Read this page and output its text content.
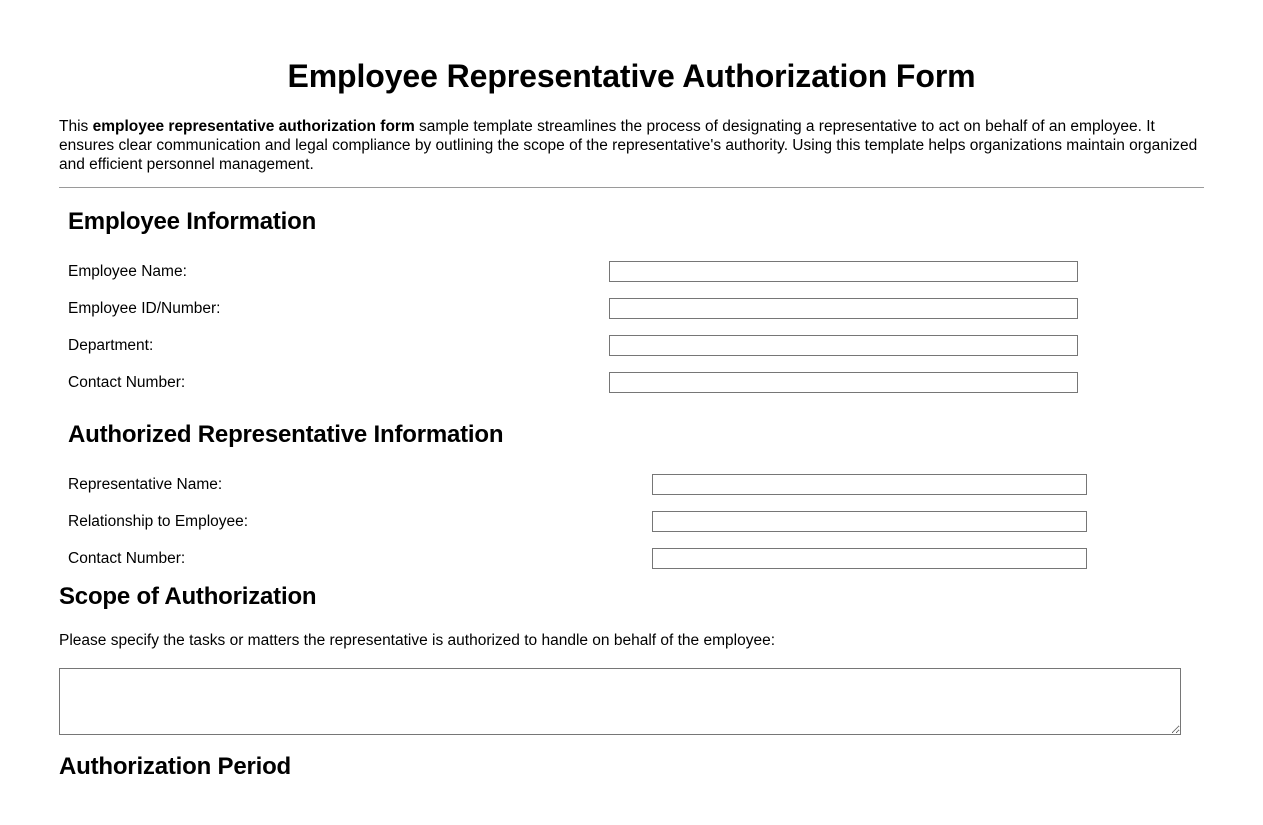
Employee Representative Authorization Form

This employee representative authorization form sample template streamlines the process of designating a representative to act on behalf of an employee. It ensures clear communication and legal compliance by outlining the scope of the representative's authority. Using this template helps organizations maintain organized and efficient personnel management.

Employee Information
Employee Name:
Employee ID/Number:
Department:
Contact Number:
Authorized Representative Information
Representative Name:
Relationship to Employee:
Contact Number:
Scope of Authorization

Please specify the tasks or matters the representative is authorized to handle on behalf of the employee:

Authorization Period
